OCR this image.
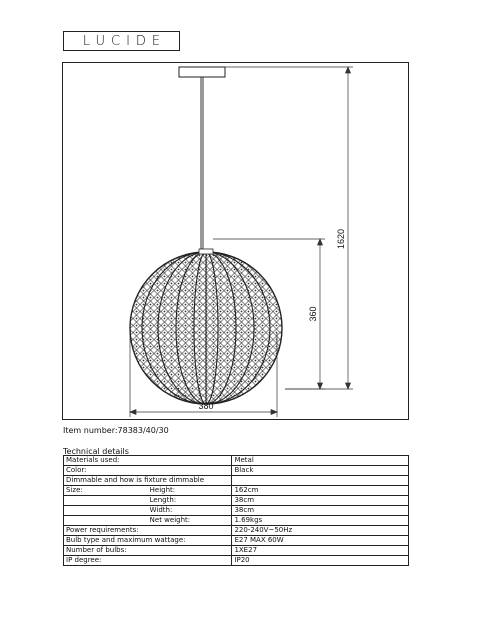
LUCIDE
1620
360
380
Item number:78383/40/30
Technical details
Materials used:		Metal
Color:		Black
Dimmable and how is fixture dimmable		
Size:	Height:	162cm
	Length:	38cm
	Width:	38cm
	Net weight:	1.69kgs
Power requirements:		220-240V~50Hz
Bulb type and maximum wattage:		E27 MAX 60W
Number of bulbs:		1XE27
IP degree:		IP20
